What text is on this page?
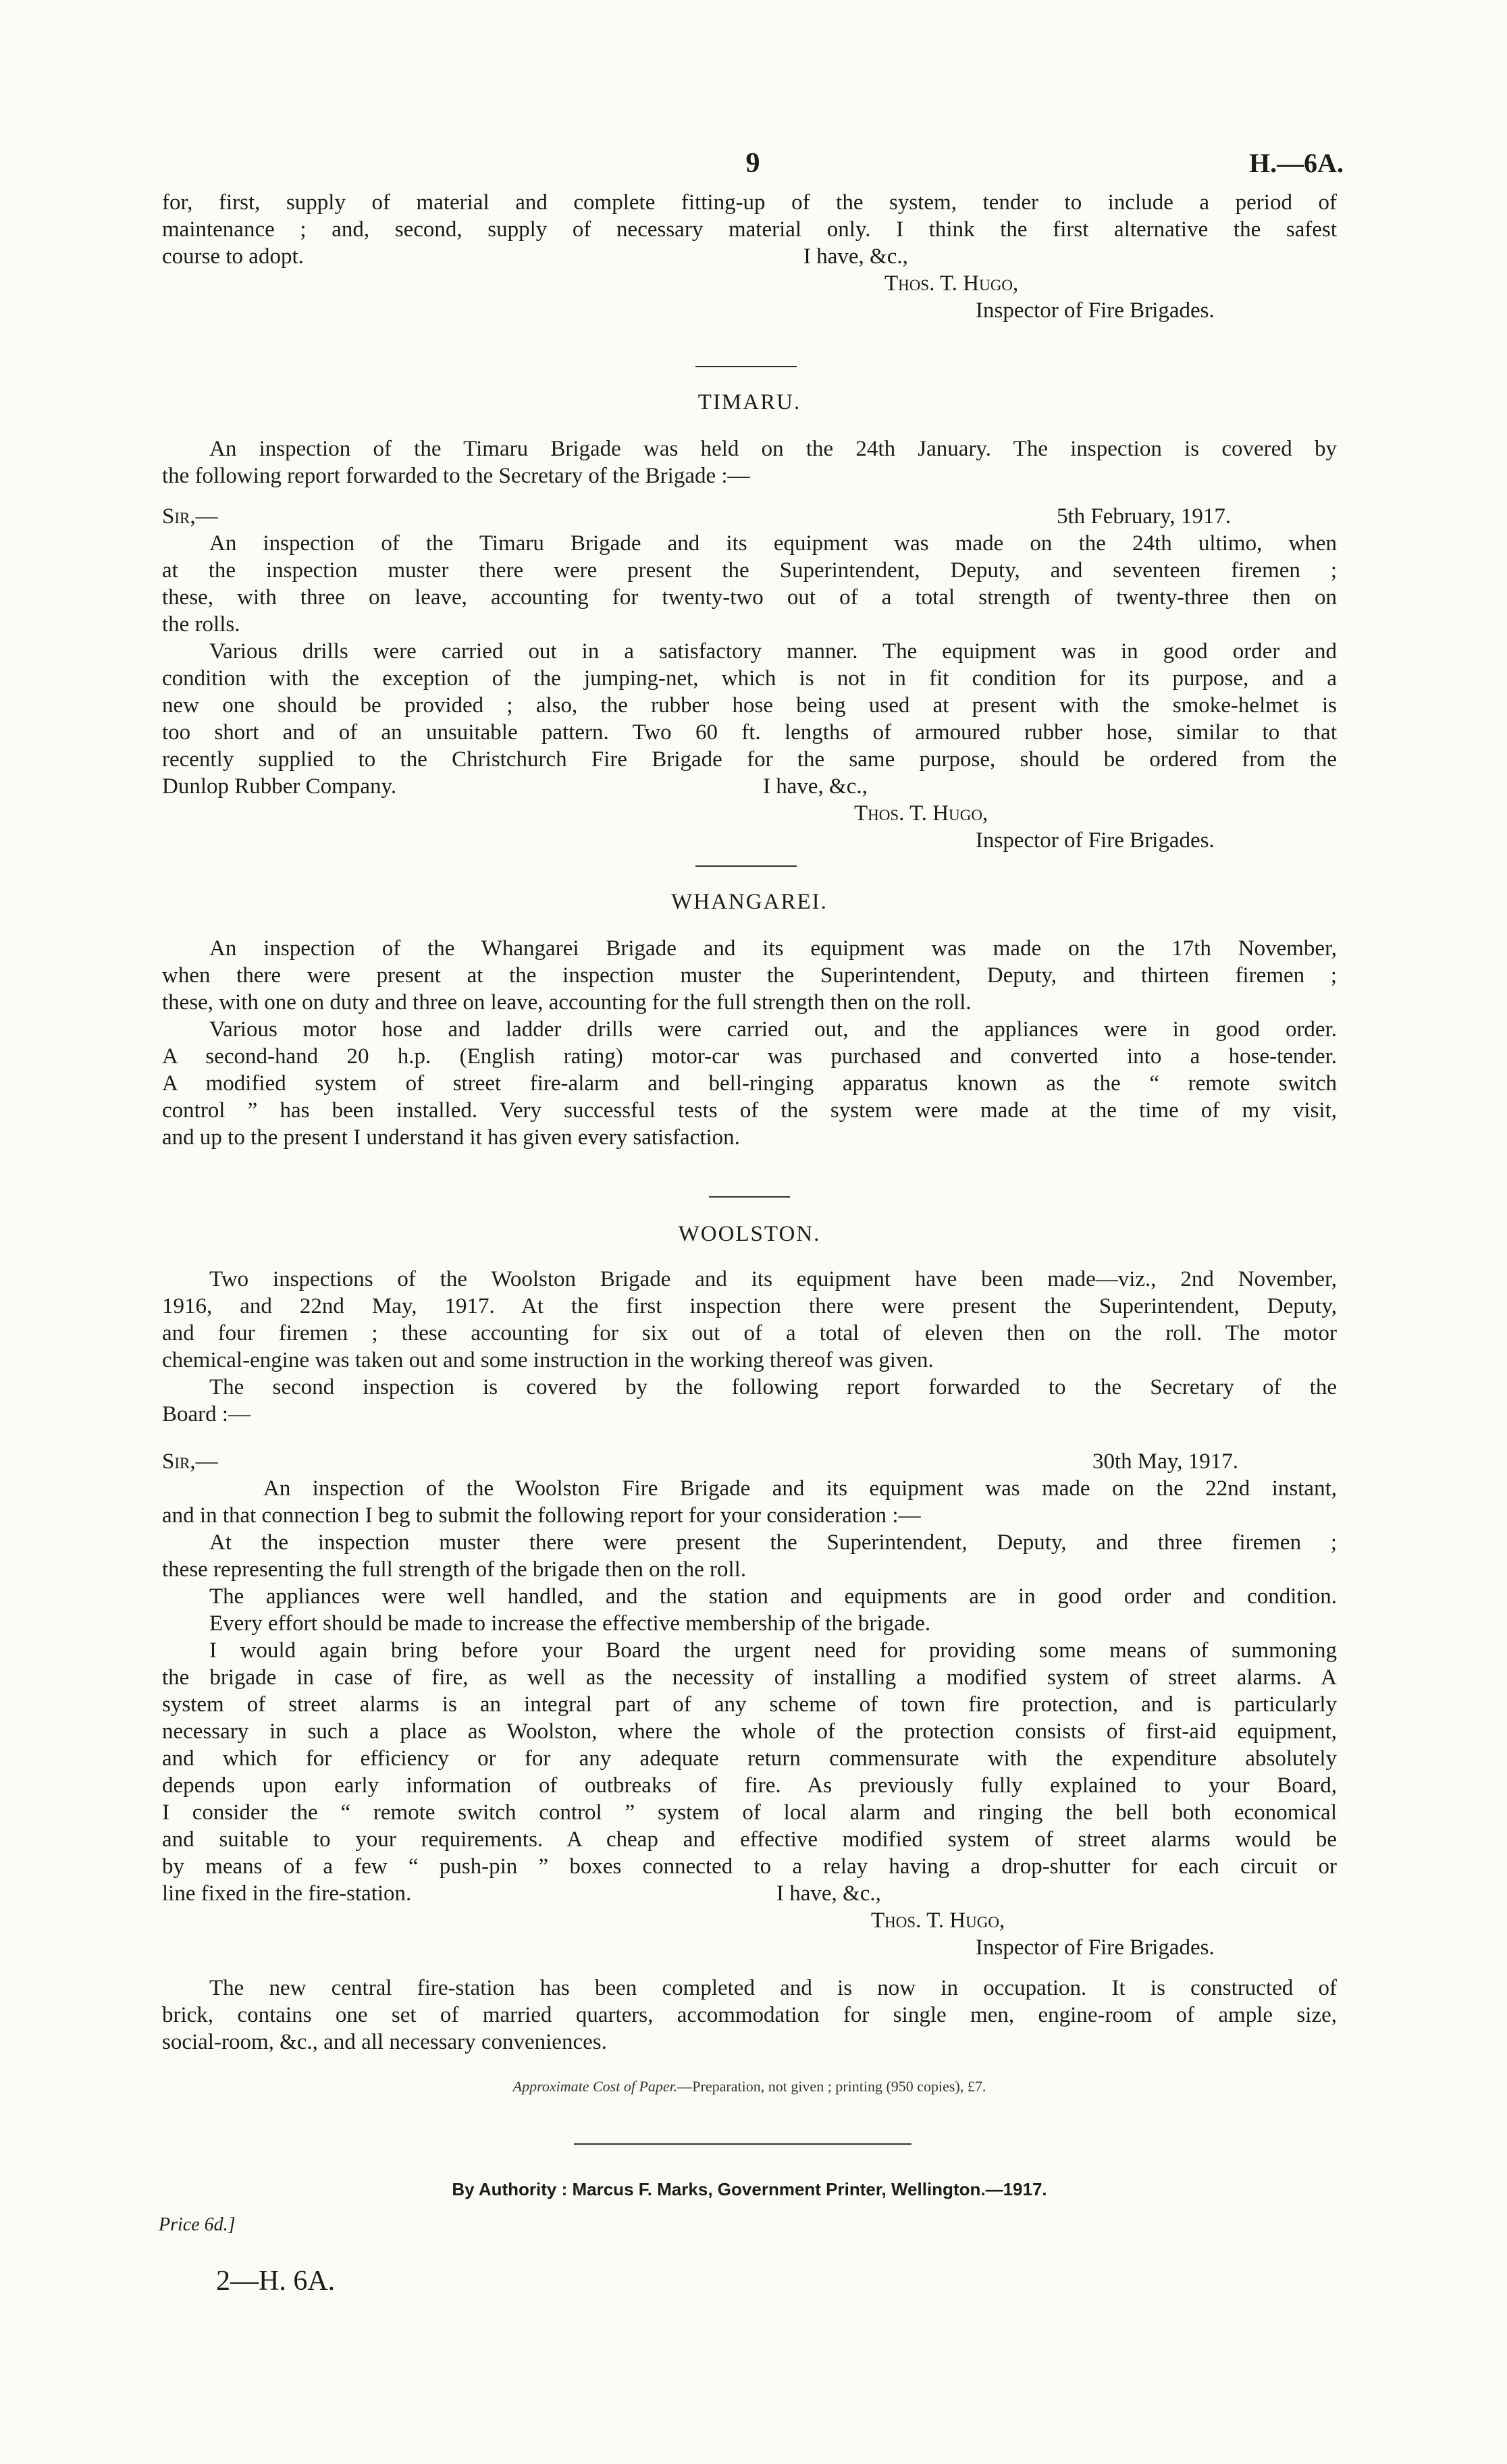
9	H.—6A.
for, first, supply of material and complete fitting-up of the system, tender to include a period of
maintenance ; and, second, supply of necessary material only. I think the first alternative the safest
course to adopt.	I have, &c.,
Thos. T. Hugo,
Inspector of Fire Brigades.
TIMARU.
An inspection of the Timaru Brigade was held on the 24th January. The inspection is covered by
the following report forwarded to the Secretary of the Brigade :—
Sir,—	5th February, 1917.
An inspection of the Timaru Brigade and its equipment was made on the 24th ultimo, when
at the inspection muster there were present the Superintendent, Deputy, and seventeen firemen ;
these, with three on leave, accounting for twenty-two out of a total strength of twenty-three then on
the rolls.
Various drills were carried out in a satisfactory manner. The equipment was in good order and
condition with the exception of the jumping-net, which is not in fit condition for its purpose, and a
new one should be provided ; also, the rubber hose being used at present with the smoke-helmet is
too short and of an unsuitable pattern. Two 60 ft. lengths of armoured rubber hose, similar to that
recently supplied to the Christchurch Fire Brigade for the same purpose, should be ordered from the
Dunlop Rubber Company.	I have, &c.,
Thos. T. Hugo,
Inspector of Fire Brigades.
WHANGAREI.
An inspection of the Whangarei Brigade and its equipment was made on the 17th November,
when there were present at the inspection muster the Superintendent, Deputy, and thirteen firemen ;
these, with one on duty and three on leave, accounting for the full strength then on the roll.
Various motor hose and ladder drills were carried out, and the appliances were in good order.
A second-hand 20 h.p. (English rating) motor-car was purchased and converted into a hose-tender.
A modified system of street fire-alarm and bell-ringing apparatus known as the “ remote switch
control ” has been installed. Very successful tests of the system were made at the time of my visit,
and up to the present I understand it has given every satisfaction.
WOOLSTON.
Two inspections of the Woolston Brigade and its equipment have been made—viz., 2nd November,
1916, and 22nd May, 1917. At the first inspection there were present the Superintendent, Deputy,
and four firemen ; these accounting for six out of a total of eleven then on the roll. The motor
chemical-engine was taken out and some instruction in the working thereof was given.
The second inspection is covered by the following report forwarded to the Secretary of the
Board :—
Sir,—	30th May, 1917.
An inspection of the Woolston Fire Brigade and its equipment was made on the 22nd instant,
and in that connection I beg to submit the following report for your consideration :—
At the inspection muster there were present the Superintendent, Deputy, and three firemen ;
these representing the full strength of the brigade then on the roll.
The appliances were well handled, and the station and equipments are in good order and condition.
Every effort should be made to increase the effective membership of the brigade.
I would again bring before your Board the urgent need for providing some means of summoning
the brigade in case of fire, as well as the necessity of installing a modified system of street alarms. A
system of street alarms is an integral part of any scheme of town fire protection, and is particularly
necessary in such a place as Woolston, where the whole of the protection consists of first-aid equipment,
and which for efficiency or for any adequate return commensurate with the expenditure absolutely
depends upon early information of outbreaks of fire. As previously fully explained to your Board,
I consider the “ remote switch control ” system of local alarm and ringing the bell both economical
and suitable to your requirements. A cheap and effective modified system of street alarms would be
by means of a few “ push-pin ” boxes connected to a relay having a drop-shutter for each circuit or
line fixed in the fire-station.	I have, &c.,
Thos. T. Hugo,
Inspector of Fire Brigades.
The new central fire-station has been completed and is now in occupation. It is constructed of
brick, contains one set of married quarters, accommodation for single men, engine-room of ample size,
social-room, &c., and all necessary conveniences.
Approximate Cost of Paper.—Preparation, not given ; printing (950 copies), £7.
By Authority : Marcus F. Marks, Government Printer, Wellington.—1917.
Price 6d.]
2—H. 6A.
